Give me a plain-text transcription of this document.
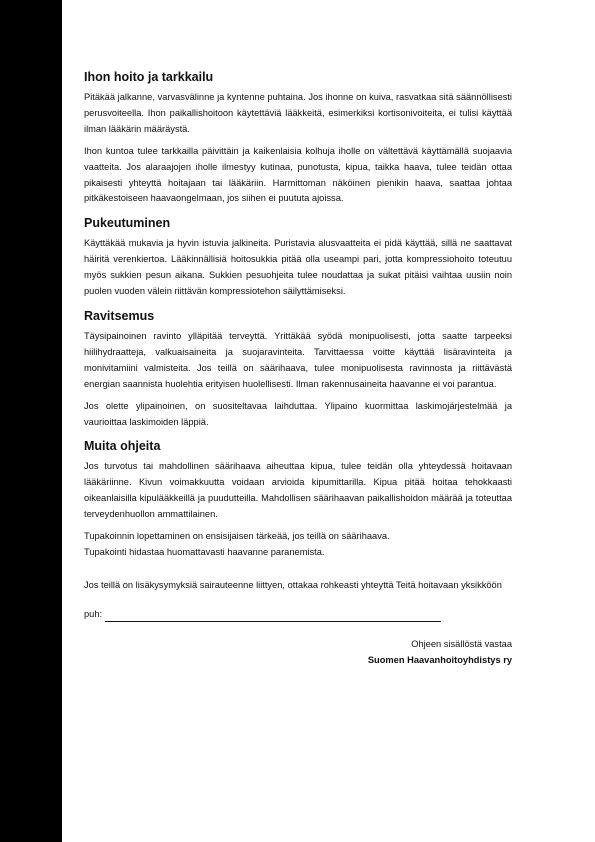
Ihon hoito ja tarkkailu

Pitäkää jalkanne, varvasvälinne ja kyntenne puhtaina. Jos ihonne on kuiva, rasvatkaa sitä säännöllisesti perusvoiteella. Ihon paikallishoitoon käytettäviä lääkkeitä, esimerkiksi kortisonivoiteita, ei tulisi käyttää ilman lääkärin määräystä.

Ihon kuntoa tulee tarkkailla päivittäin ja kaikenlaisia kolhuja iholle on vältettävä käyttämällä suojaavia vaatteita. Jos alaraajojen iholle ilmestyy kutinaa, punotusta, kipua, taikka haava, tulee teidän ottaa pikaisesti yhteyttä hoitajaan tai lääkäriin. Harmittoman näköinen pienikin haava, saattaa johtaa pitkäkestoiseen haavaongelmaan, jos siihen ei puututa ajoissa.

Pukeutuminen

Käyttäkää mukavia ja hyvin istuvia jalkineita. Puristavia alusvaatteita ei pidä käyttää, sillä ne saattavat häiritä verenkiertoa. Lääkinnällisiä hoitosukkia pitää olla useampi pari, jotta kompressiohoito toteutuu myös sukkien pesun aikana. Sukkien pesuohjeita tulee noudattaa ja sukat pitäisi vaihtaa uusiin noin puolen vuoden välein riittävän kompressiotehon säilyttämiseksi.

Ravitsemus

Täysipainoinen ravinto ylläpitää terveyttä. Yrittäkää syödä monipuolisesti, jotta saatte tarpeeksi hiilihydraatteja, valkuaisaineita ja suojaravinteita. Tarvittaessa voitte käyttää lisäravinteita ja monivitamiini valmisteita. Jos teillä on säärihaava, tulee monipuolisesta ravinnosta ja riittävästä energian saannista huolehtia erityisen huolellisesti. Ilman rakennusaineita haavanne ei voi parantua.

Jos olette ylipainoinen, on suositeltavaa laihduttaa. Ylipaino kuormittaa laskimojärjestelmää ja vaurioittaa laskimoiden läppiä.

Muita ohjeita

Jos turvotus tai mahdollinen säärihaava aiheuttaa kipua, tulee teidän olla yhteydessä hoitavaan lääkäriinne. Kivun voimakkuutta voidaan arvioida kipumittarilla. Kipua pitää hoitaa tehokkaasti oikeanlaisilla kipulääkkeillä ja puudutteilla. Mahdollisen säärihaavan paikallishoidon määrää ja toteuttaa terveydenhuollon ammattilainen.

Tupakoinnin lopettaminen on ensisijaisen tärkeää, jos teillä on säärihaava.

Tupakointi hidastaa huomattavasti haavanne paranemista.

Jos teillä on lisäkysymyksiä sairauteenne liittyen, ottakaa rohkeasti yhteyttä Teitä hoitavaan yksikköön

puh:
Ohjeen sisällöstä vastaa
Suomen Haavanhoitoyhdistys ry
